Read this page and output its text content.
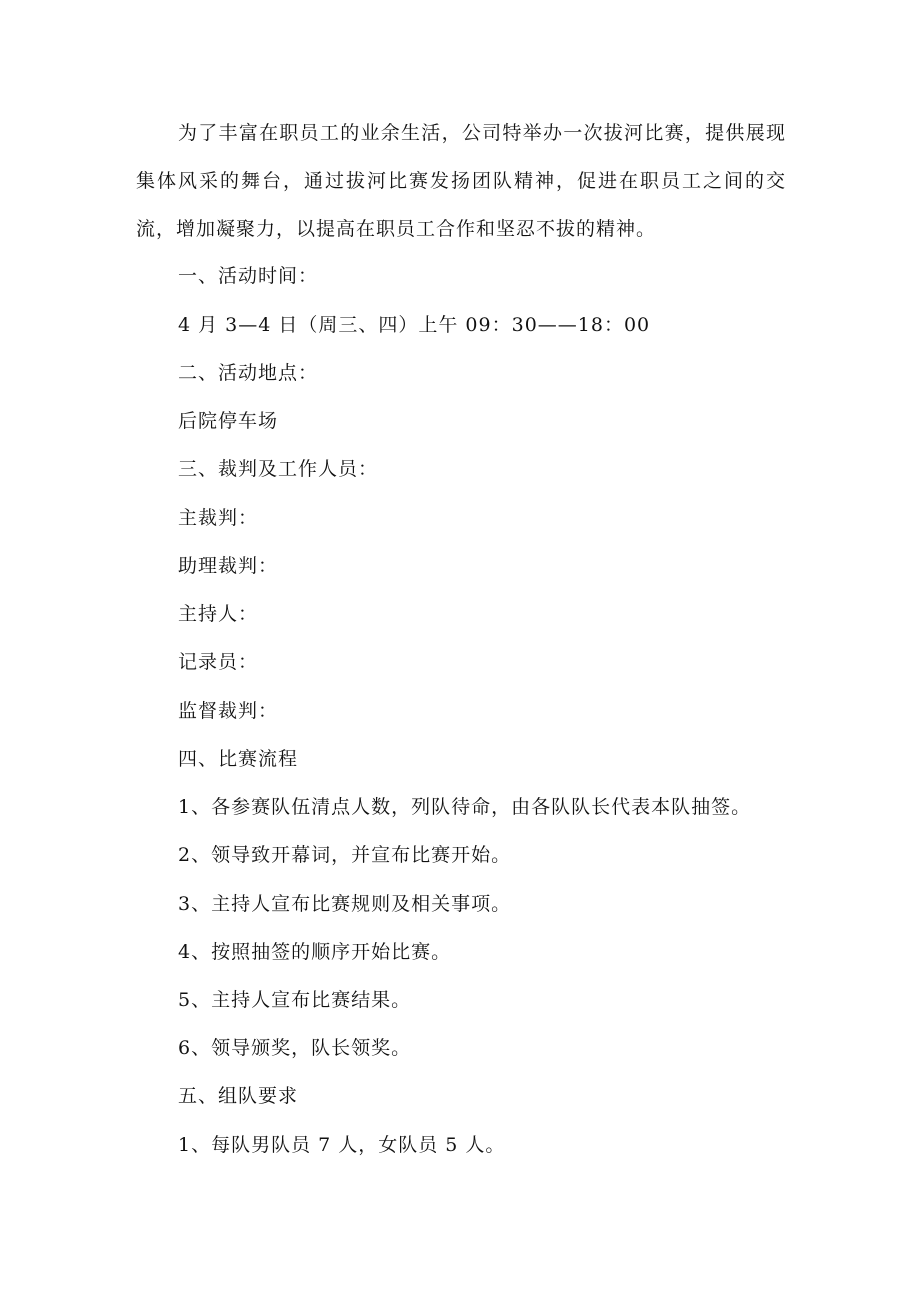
为了丰富在职员工的业余生活，公司特举办一次拔河比赛，提供展现集体风采的舞台，通过拔河比赛发扬团队精神，促进在职员工之间的交流，增加凝聚力，以提高在职员工合作和坚忍不拔的精神。

一、活动时间：

4 月 3—4 日（周三、四）上午 09：30——18：00

二、活动地点：

后院停车场

三、裁判及工作人员：

主裁判：

助理裁判：

主持人：

记录员：

监督裁判：

四、比赛流程

1、各参赛队伍清点人数，列队待命，由各队队长代表本队抽签。

2、领导致开幕词，并宣布比赛开始。

3、主持人宣布比赛规则及相关事项。

4、按照抽签的顺序开始比赛。

5、主持人宣布比赛结果。

6、领导颁奖，队长领奖。

五、组队要求

1、每队男队员 7 人，女队员 5 人。
